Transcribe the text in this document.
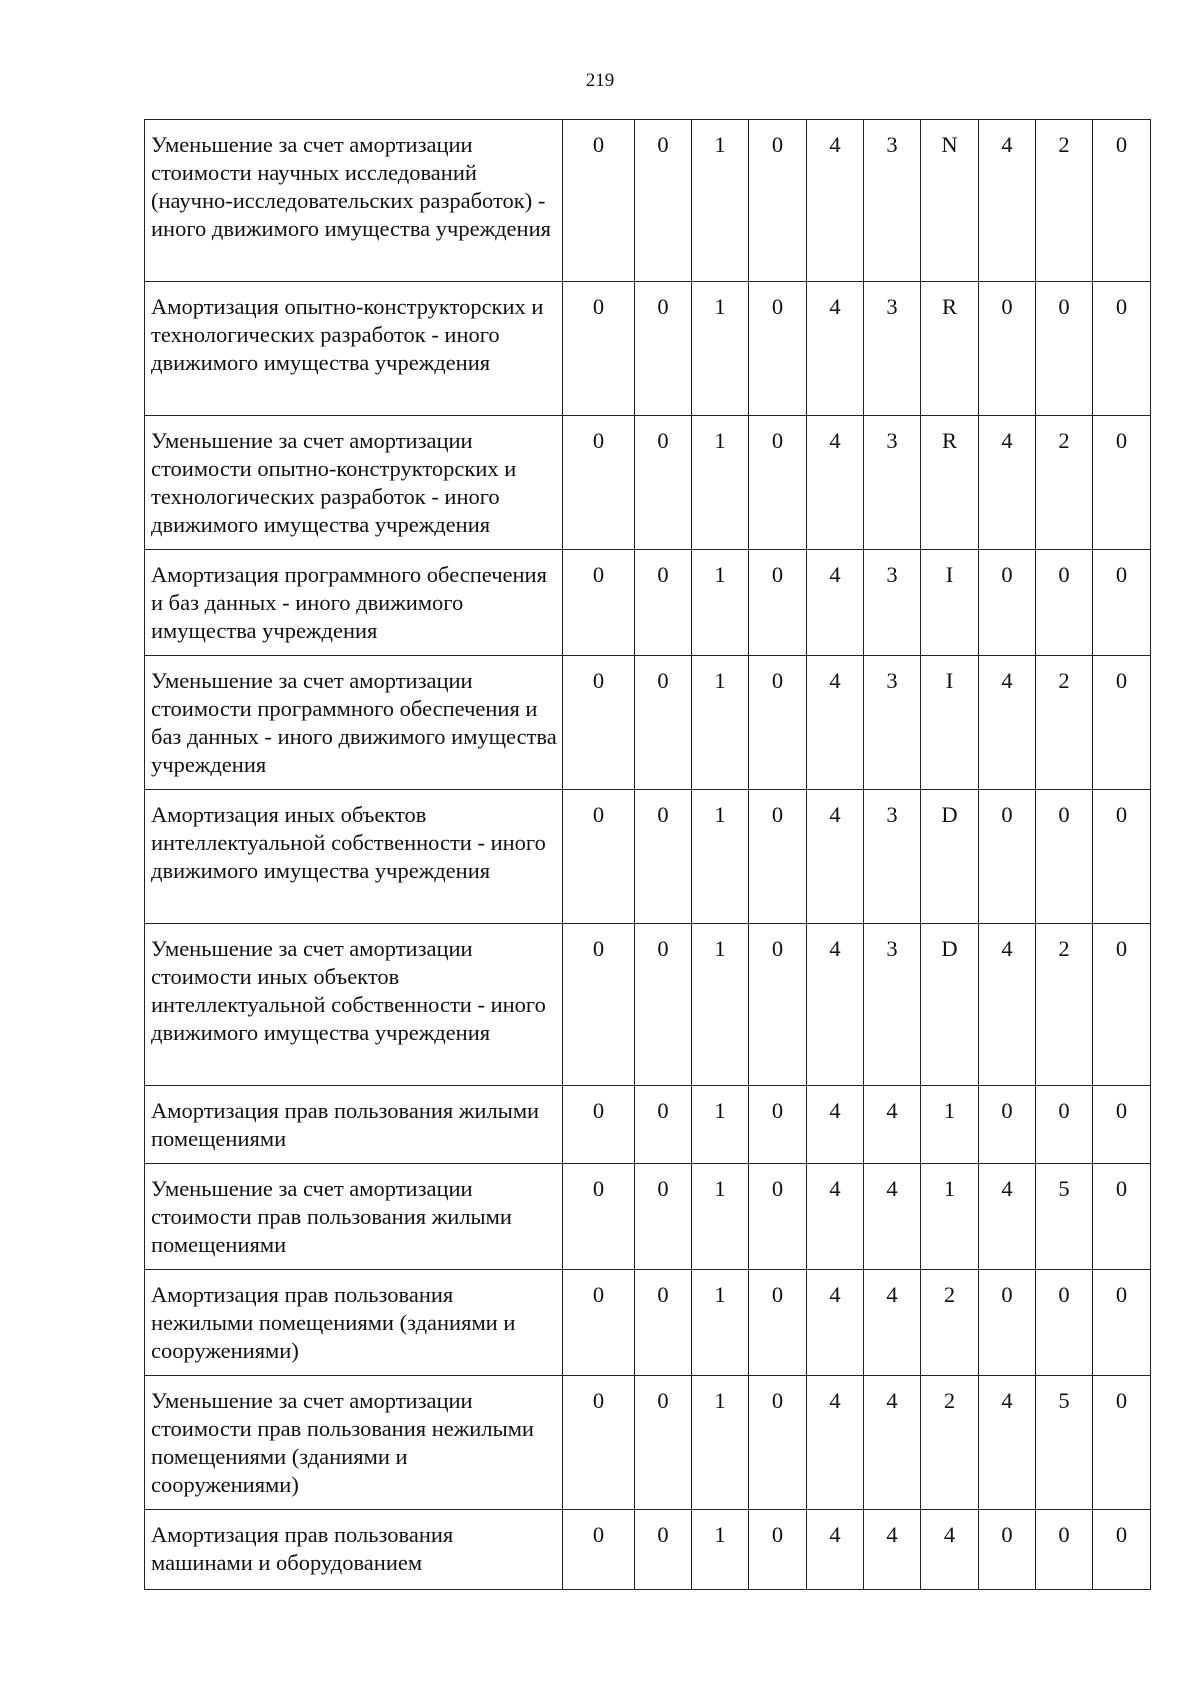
219
Уменьшение за счет амортизации стоимости научных исследований (научно-исследовательских разработок) - иного движимого имущества учреждения	0	0	1	0	4	3	N	4	2	0
Амортизация опытно-конструкторских и технологических разработок - иного движимого имущества учреждения	0	0	1	0	4	3	R	0	0	0
Уменьшение за счет амортизации стоимости опытно-конструкторских и технологических разработок - иного движимого имущества учреждения	0	0	1	0	4	3	R	4	2	0
Амортизация программного обеспечения и баз данных - иного движимого имущества учреждения	0	0	1	0	4	3	I	0	0	0
Уменьшение за счет амортизации стоимости программного обеспечения и баз данных - иного движимого имущества учреждения	0	0	1	0	4	3	I	4	2	0
Амортизация иных объектов интеллектуальной собственности - иного движимого имущества учреждения	0	0	1	0	4	3	D	0	0	0
Уменьшение за счет амортизации стоимости иных объектов интеллектуальной собственности - иного движимого имущества учреждения	0	0	1	0	4	3	D	4	2	0
Амортизация прав пользования жилыми помещениями	0	0	1	0	4	4	1	0	0	0
Уменьшение за счет амортизации стоимости прав пользования жилыми помещениями	0	0	1	0	4	4	1	4	5	0
Амортизация прав пользования нежилыми помещениями (зданиями и сооружениями)	0	0	1	0	4	4	2	0	0	0
Уменьшение за счет амортизации стоимости прав пользования нежилыми помещениями (зданиями и сооружениями)	0	0	1	0	4	4	2	4	5	0
Амортизация прав пользования машинами и оборудованием	0	0	1	0	4	4	4	0	0	0
